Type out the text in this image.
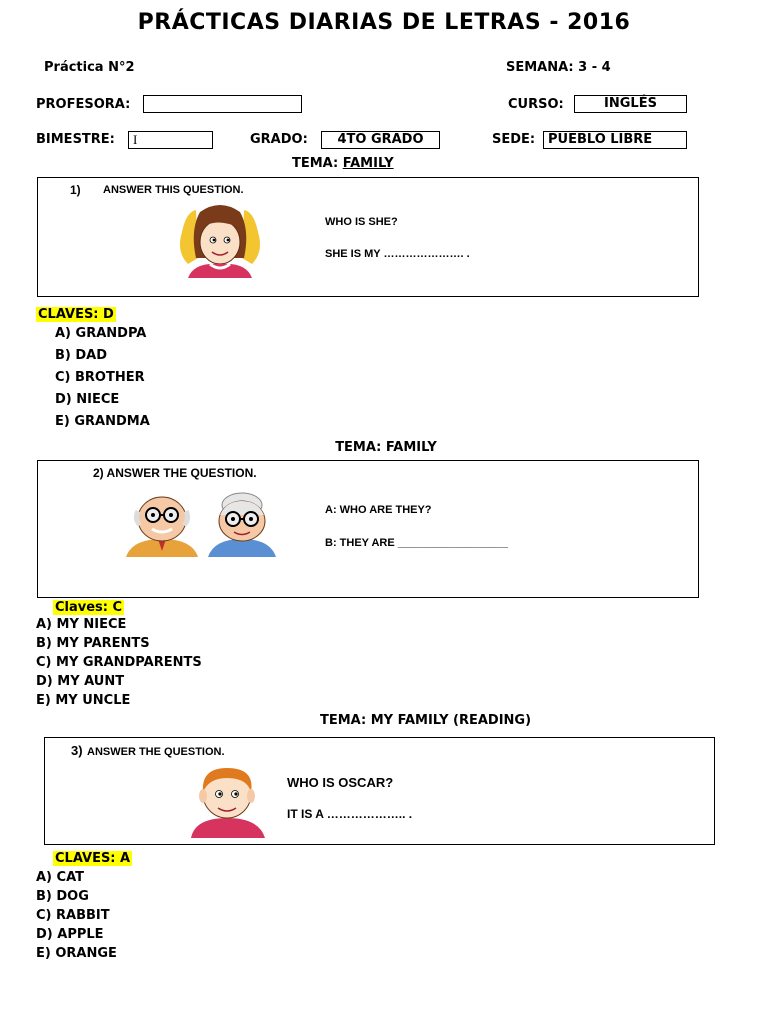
PRÁCTICAS DIARIAS DE LETRAS - 2016
Práctica N°2	SEMANA: 3 - 4
PROFESORA:	CURSO:	INGLÉS
BIMESTRE:	I	GRADO:	4TO GRADO	SEDE: PUEBLO LIBRE
TEMA: FAMILY
1) ANSWER THIS QUESTION.
WHO IS SHE?
SHE IS MY …………………. .
CLAVES: D
A) GRANDPA
B) DAD
C) BROTHER
D) NIECE
E) GRANDMA
TEMA: FAMILY
2) ANSWER THE QUESTION.
A: WHO ARE THEY?
B: THEY ARE __________________
Claves: C
A) MY NIECE
B) MY PARENTS
C) MY GRANDPARENTS
D) MY AUNT
E) MY UNCLE
TEMA: MY FAMILY (READING)
3) ANSWER THE QUESTION.
WHO IS OSCAR?
IT IS A ……………….. .
CLAVES: A
A) CAT
B) DOG
C) RABBIT
D) APPLE
E) ORANGE
